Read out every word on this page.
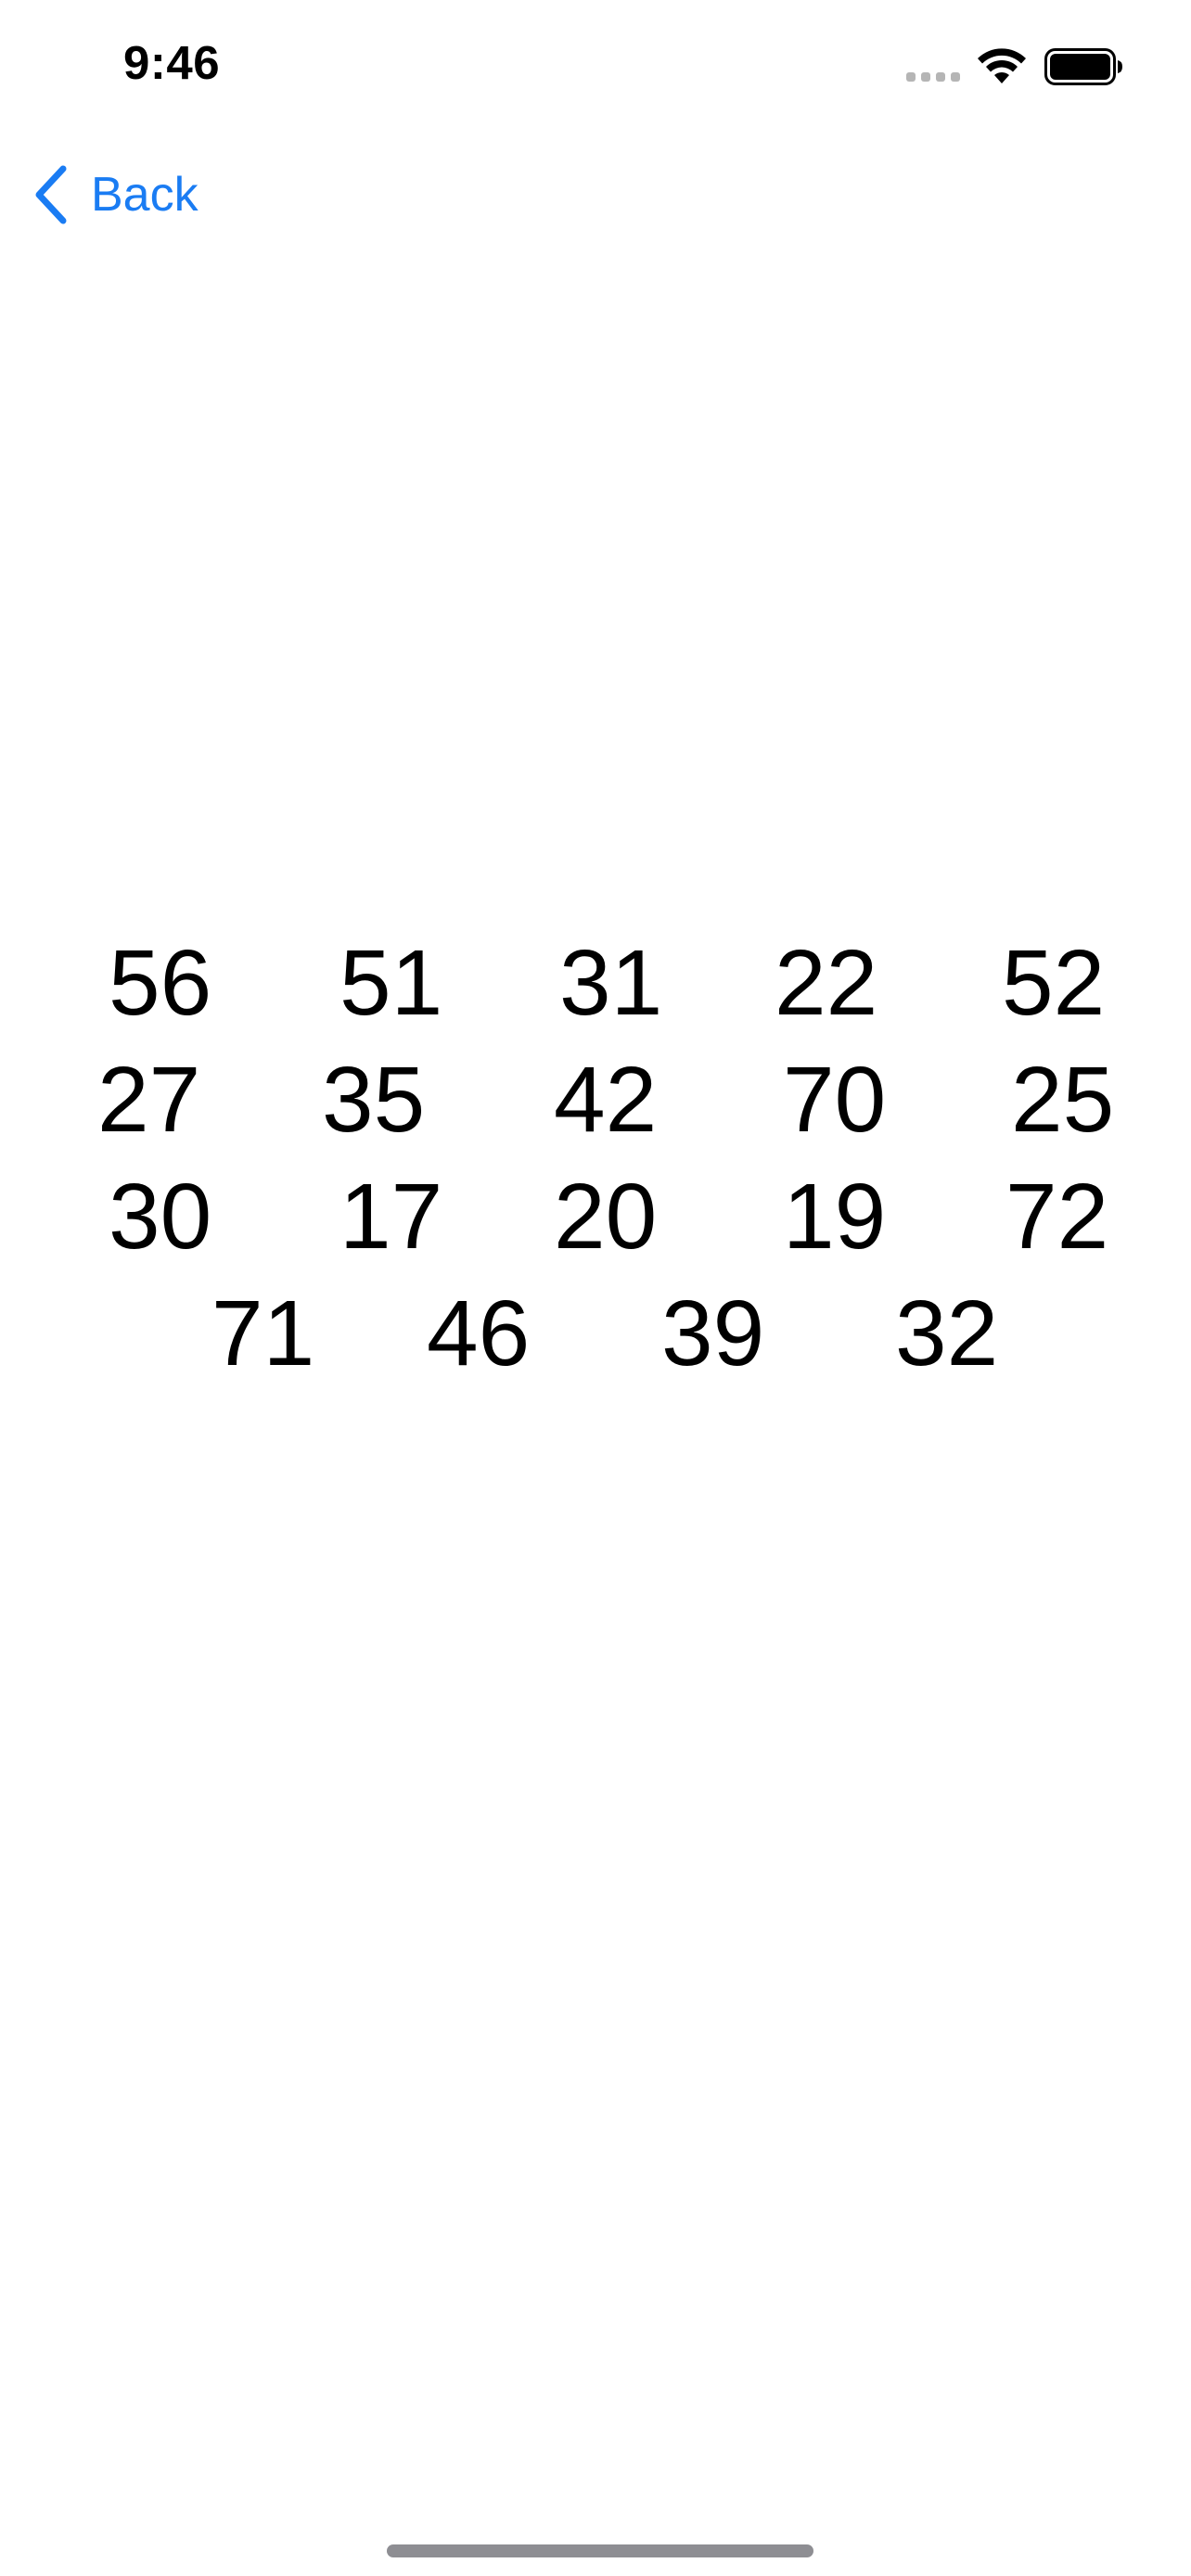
9:46
Back
56 51 31 22 52
27 35 42 70 25
30 17 20 19 72
71 46 39 32
